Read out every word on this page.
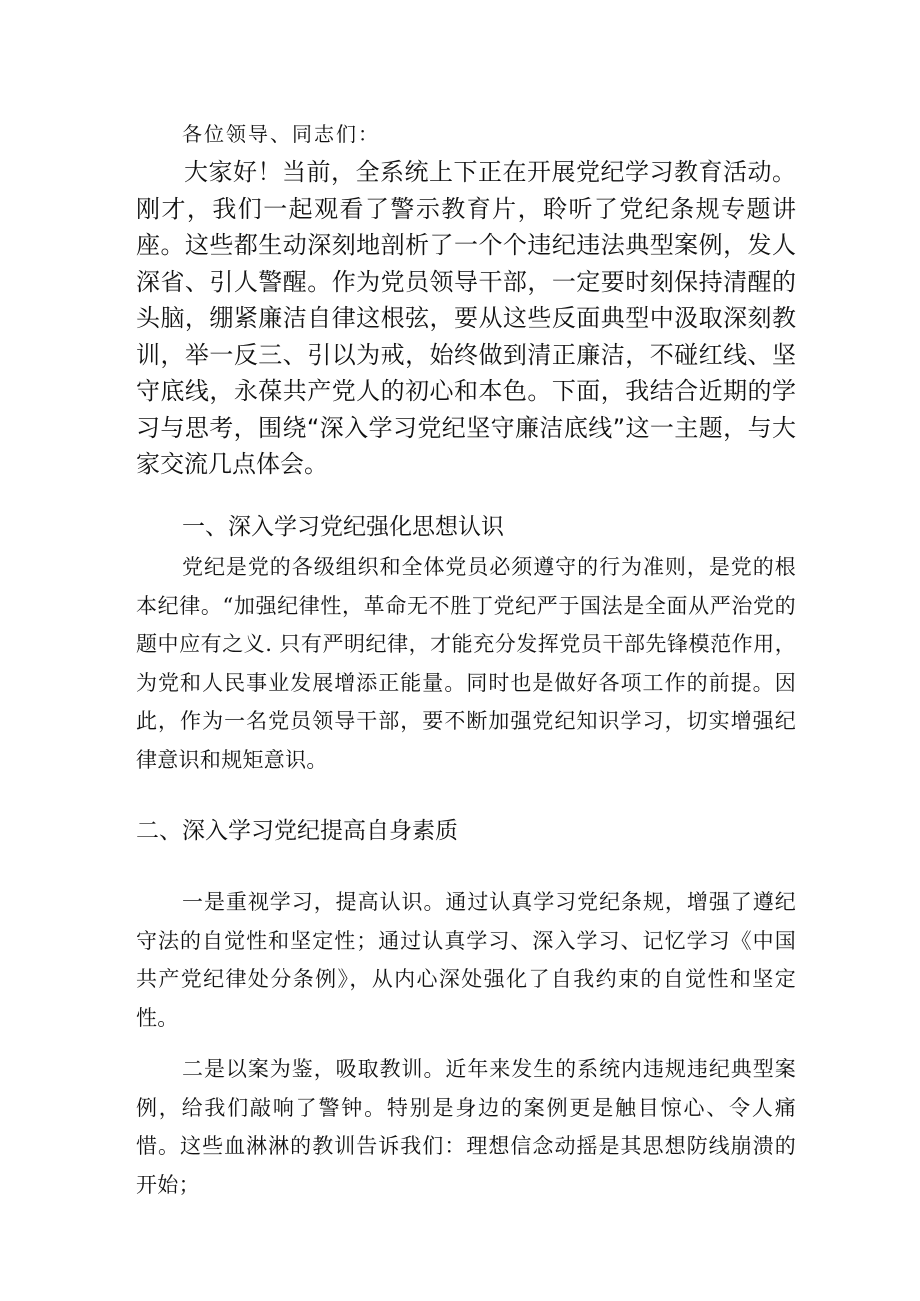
各位领导、同志们：

大家好！当前，全系统上下正在开展党纪学习教育活动。刚才，我们一起观看了警示教育片，聆听了党纪条规专题讲座。这些都生动深刻地剖析了一个个违纪违法典型案例，发人深省、引人警醒。作为党员领导干部，一定要时刻保持清醒的头脑，绷紧廉洁自律这根弦，要从这些反面典型中汲取深刻教训，举一反三、引以为戒，始终做到清正廉洁，不碰红线、坚守底线，永葆共产党人的初心和本色。下面，我结合近期的学习与思考，围绕“深入学习党纪坚守廉洁底线”这一主题，与大家交流几点体会。

一、深入学习党纪强化思想认识

党纪是党的各级组织和全体党员必须遵守的行为准则，是党的根本纪律。“加强纪律性，革命无不胜丁党纪严于国法是全面从严治党的题中应有之义. 只有严明纪律，才能充分发挥党员干部先锋模范作用，为党和人民事业发展增添正能量。同时也是做好各项工作的前提。因此，作为一名党员领导干部，要不断加强党纪知识学习，切实增强纪律意识和规矩意识。

二、深入学习党纪提高自身素质

一是重视学习，提高认识。通过认真学习党纪条规，增强了遵纪守法的自觉性和坚定性；通过认真学习、深入学习、记忆学习《中国共产党纪律处分条例》，从内心深处强化了自我约束的自觉性和坚定性。

二是以案为鉴，吸取教训。近年来发生的系统内违规违纪典型案例，给我们敲响了警钟。特别是身边的案例更是触目惊心、令人痛惜。这些血淋淋的教训告诉我们：理想信念动摇是其思想防线崩溃的开始；
